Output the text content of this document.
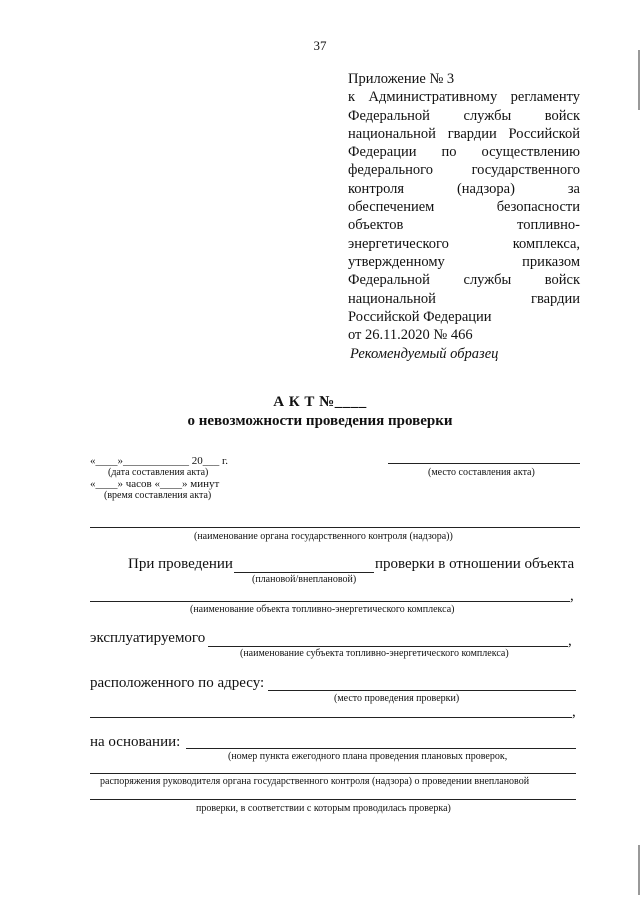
37
Приложение № 3
к Административному регламенту
Федеральной службы войск
национальной гвардии Российской
Федерации по осуществлению
федерального государственного
контроля (надзора) за
обеспечением безопасности
объектов топливно-
энергетического комплекса,
утвержденному приказом
Федеральной службы войск
национальной гвардии
Российской Федерации
от 26.11.2020 № 466
Рекомендуемый образец
А К Т №____
о невозможности проведения проверки
«____»____________ 20___ г.
(дата составления акта)
«____» часов «____» минут
(время составления акта)
(место составления акта)
(наименование органа государственного контроля (надзора))
При проведении	проверки в отношении объекта
(плановой/внеплановой)
,
(наименование объекта топливно-энергетического комплекса)
эксплуатируемого	,
(наименование субъекта топливно-энергетического комплекса)
расположенного по адресу:
(место проведения проверки)
,
на основании:
(номер пункта ежегодного плана проведения плановых проверок,
распоряжения руководителя органа государственного контроля (надзора) о проведении внеплановой
проверки, в соответствии с которым проводилась проверка)
